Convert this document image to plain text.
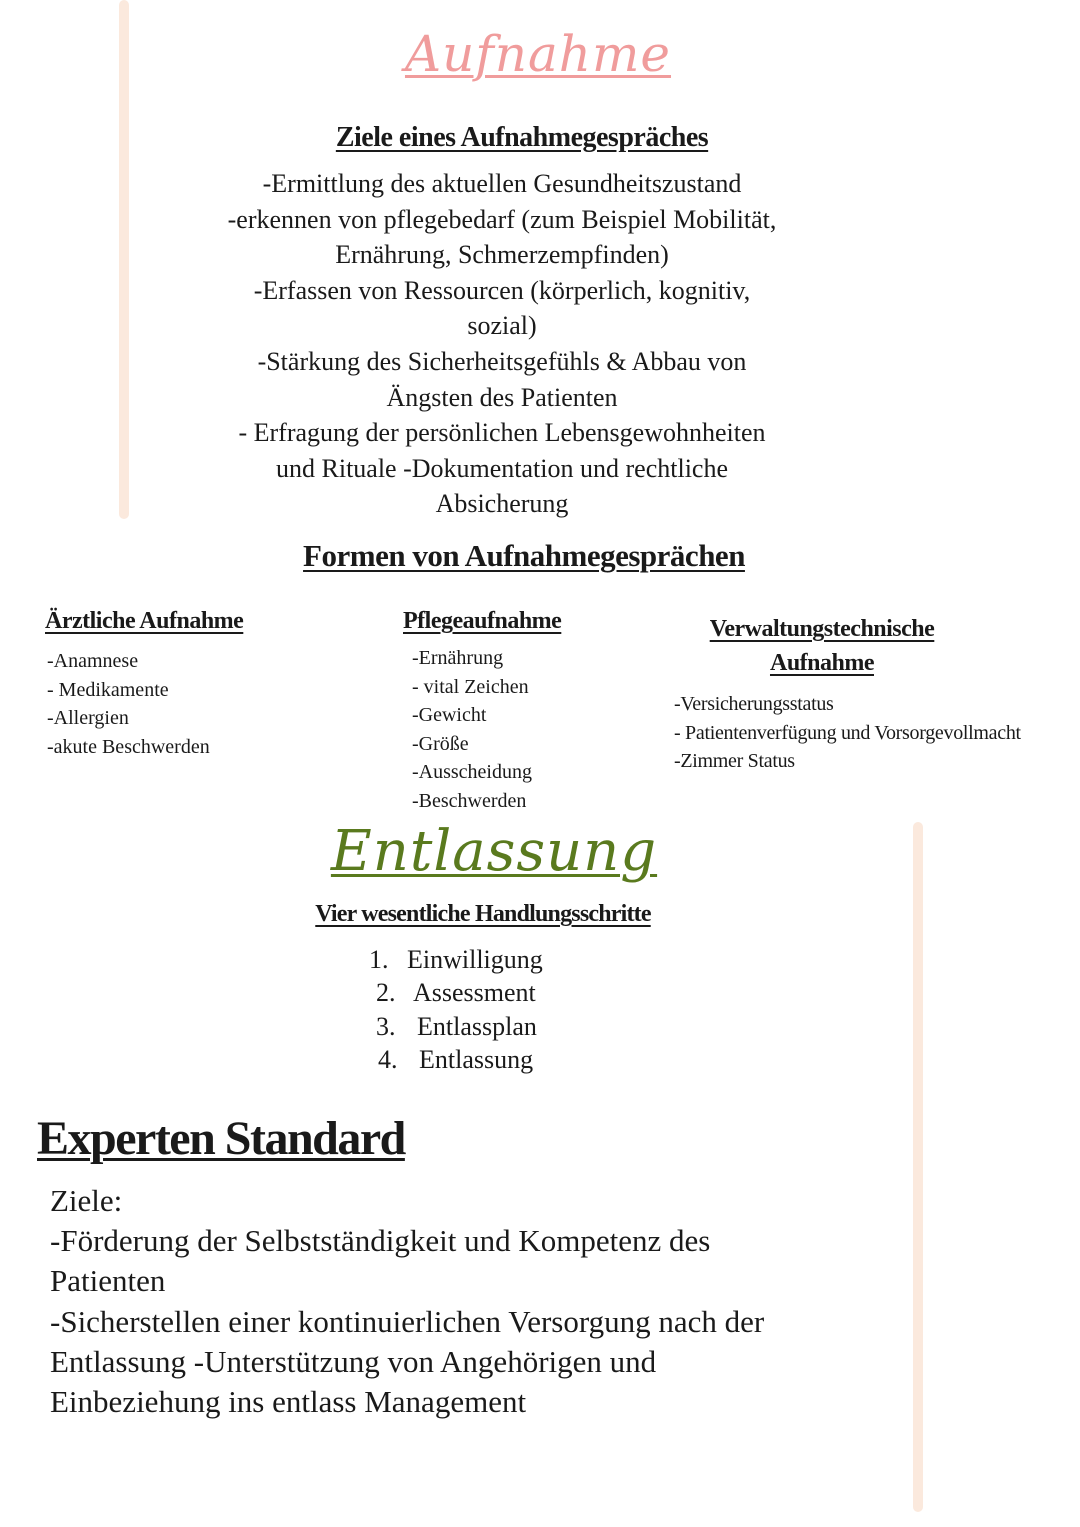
Aufnahme
Ziele eines Aufnahmegespräches
-Ermittlung des aktuellen Gesundheitszustand
-erkennen von pflegebedarf (zum Beispiel Mobilität,
Ernährung, Schmerzempfinden)
-Erfassen von Ressourcen (körperlich, kognitiv,
sozial)
-Stärkung des Sicherheitsgefühls & Abbau von
Ängsten des Patienten
- Erfragung der persönlichen Lebensgewohnheiten
und Rituale -Dokumentation und rechtliche
Absicherung
Formen von Aufnahmegesprächen
Ärztliche Aufnahme
-Anamnese
- Medikamente
-Allergien
-akute Beschwerden
Pflegeaufnahme
-Ernährung
- vital Zeichen
-Gewicht
-Größe
-Ausscheidung
-Beschwerden
Verwaltungstechnische
Aufnahme
-Versicherungsstatus
- Patientenverfügung und Vorsorgevollmacht
-Zimmer Status
Entlassung
Vier wesentliche Handlungsschritte
1. Einwilligung
2. Assessment
3. Entlassplan
4. Entlassung
Experten Standard
Ziele:
-Förderung der Selbstständigkeit und Kompetenz des
Patienten
-Sicherstellen einer kontinuierlichen Versorgung nach der
Entlassung -Unterstützung von Angehörigen und
Einbeziehung ins entlass Management
